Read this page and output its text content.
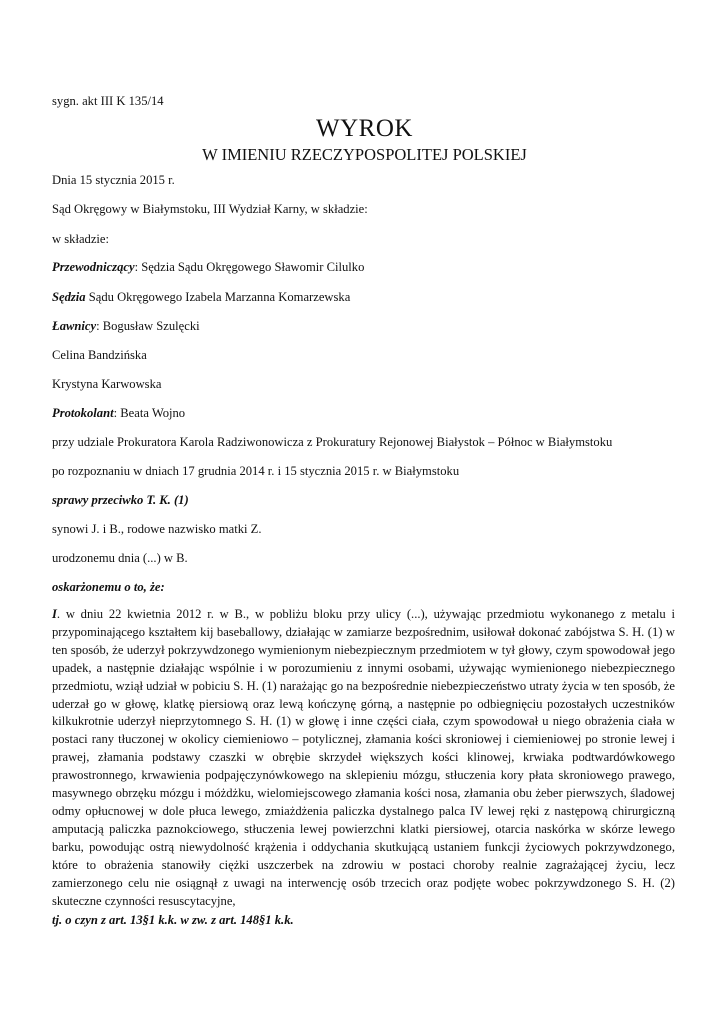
sygn. akt III K 135/14
WYROK
W IMIENIU RZECZYPOSPOLITEJ POLSKIEJ
Dnia 15 stycznia 2015 r.
Sąd Okręgowy w Białymstoku, III Wydział Karny, w składzie:
w składzie:
Przewodniczący: Sędzia Sądu Okręgowego Sławomir Cilulko
Sędzia Sądu Okręgowego Izabela Marzanna Komarzewska
Ławnicy: Bogusław Szulęcki
Celina Bandzińska
Krystyna Karwowska
Protokolant: Beata Wojno
przy udziale Prokuratora Karola Radziwonowicza z Prokuratury Rejonowej Białystok – Północ w Białymstoku
po rozpoznaniu w dniach 17 grudnia 2014 r. i 15 stycznia 2015 r. w Białymstoku
sprawy przeciwko T. K. (1)
synowi J. i B., rodowe nazwisko matki Z.
urodzonemu dnia (...) w B.
oskarżonemu o to, że:
I. w dniu 22 kwietnia 2012 r. w B., w pobliżu bloku przy ulicy (...), używając przedmiotu wykonanego z metalu i przypominającego kształtem kij baseballowy, działając w zamiarze bezpośrednim, usiłował dokonać zabójstwa S. H. (1) w ten sposób, że uderzył pokrzywdzonego wymienionym niebezpiecznym przedmiotem w tył głowy, czym spowodował jego upadek, a następnie działając wspólnie i w porozumieniu z innymi osobami, używając wymienionego niebezpiecznego przedmiotu, wziął udział w pobiciu S. H. (1) narażając go na bezpośrednie niebezpieczeństwo utraty życia w ten sposób, że uderzał go w głowę, klatkę piersiową oraz lewą kończynę górną, a następnie po odbiegnięciu pozostałych uczestników kilkukrotnie uderzył nieprzytomnego S. H. (1) w głowę i inne części ciała, czym spowodował u niego obrażenia ciała w postaci rany tłuczonej w okolicy ciemieniowo – potylicznej, złamania kości skroniowej i ciemieniowej po stronie lewej i prawej, złamania podstawy czaszki w obrębie skrzydeł większych kości klinowej, krwiaka podtwardówkowego prawostronnego, krwawienia podpajęczynówkowego na sklepieniu mózgu, stłuczenia kory płata skroniowego prawego, masywnego obrzęku mózgu i móżdżku, wielomiejscowego złamania kości nosa, złamania obu żeber pierwszych, śladowej odmy opłucnowej w dole płuca lewego, zmiażdżenia paliczka dystalnego palca IV lewej ręki z następową chirurgiczną amputacją paliczka paznokciowego, stłuczenia lewej powierzchni klatki piersiowej, otarcia naskórka w skórze lewego barku, powodując ostrą niewydolność krążenia i oddychania skutkującą ustaniem funkcji życiowych pokrzywdzonego, które to obrażenia stanowiły ciężki uszczerbek na zdrowiu w postaci choroby realnie zagrażającej życiu, lecz zamierzonego celu nie osiągnął z uwagi na interwencję osób trzecich oraz podjęte wobec pokrzywdzonego S. H. (2) skuteczne czynności resuscytacyjne,
tj. o czyn z art. 13§1 k.k. w zw. z art. 148§1 k.k.
